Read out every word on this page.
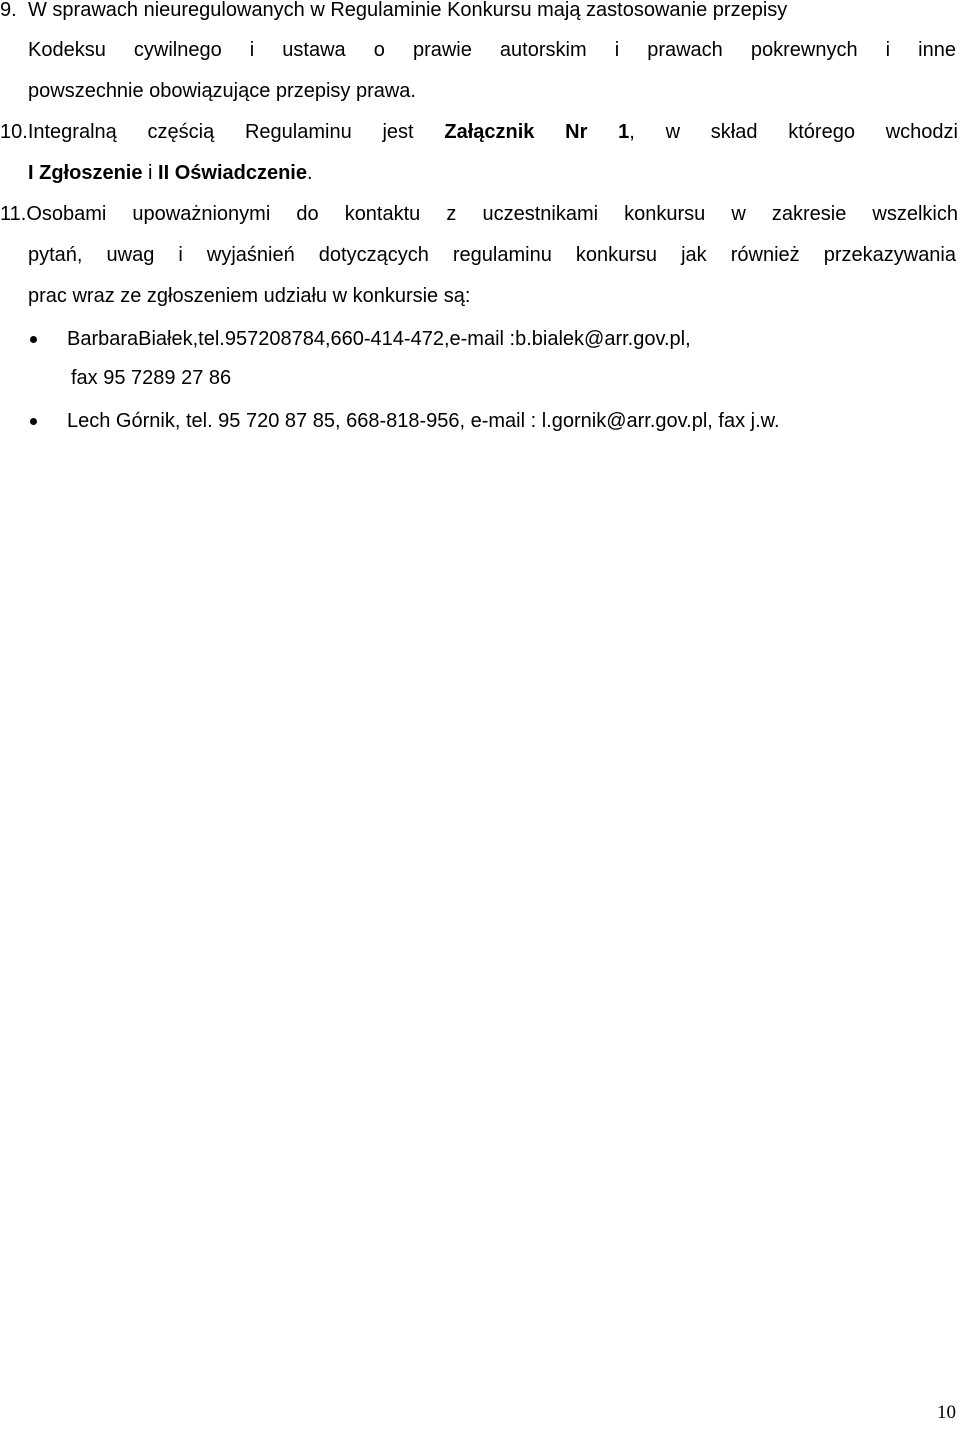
9. W sprawach nieuregulowanych w Regulaminie Konkursu mają zastosowanie przepisy
Kodeksu cywilnego i ustawa o prawie autorskim i prawach pokrewnych i inne
powszechnie obowiązujące przepisy prawa.
10.Integralną częścią Regulaminu jest Załącznik Nr 1, w skład którego wchodzi
I Zgłoszenie i II Oświadczenie.
11.Osobami upoważnionymi do kontaktu z uczestnikami konkursu w zakresie wszelkich
pytań, uwag i wyjaśnień dotyczących regulaminu konkursu jak również przekazywania
prac wraz ze zgłoszeniem udziału w konkursie są:
BarbaraBiałek,tel.957208784,660-414-472,e-mail :b.bialek@arr.gov.pl,
fax 95 7289 27 86
Lech Górnik, tel. 95 720 87 85, 668-818-956, e-mail : l.gornik@arr.gov.pl, fax j.w.
10
